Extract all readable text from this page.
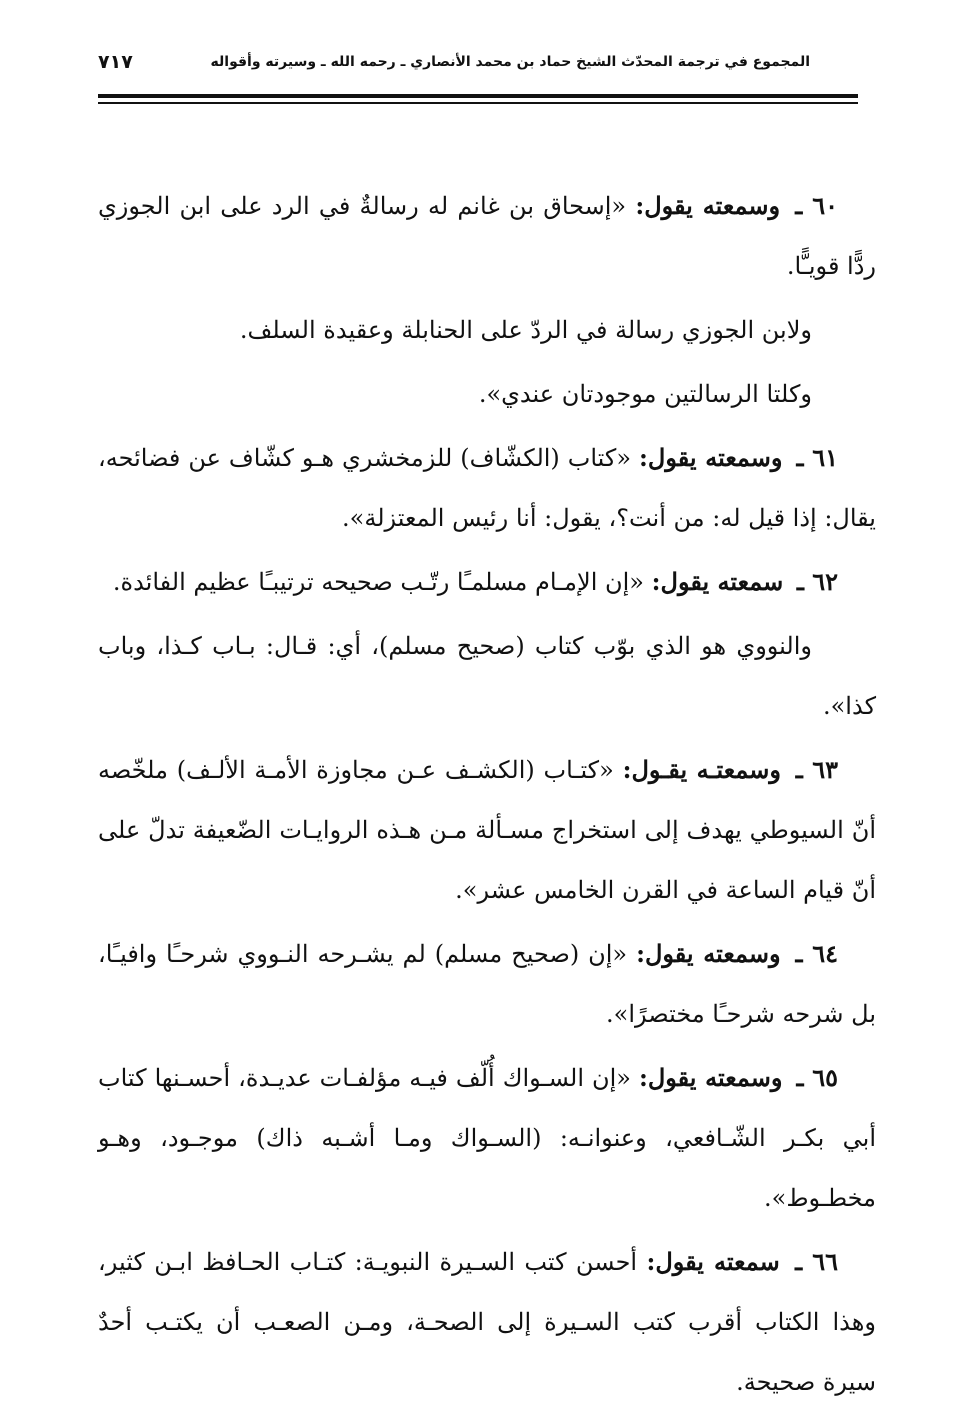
المجموع في ترجمة المحدّث الشيخ حماد بن محمد الأنصاري ـ رحمه الله ـ وسيرته وأقواله
٧١٧

٦٠ ـ وسمعته يقول: «إسحاق بن غانم له رسالةٌ في الرد على ابن الجوزي ردًّا قويـًّا.

ولابن الجوزي رسالة في الردّ على الحنابلة وعقيدة السلف.

وكلتا الرسالتين موجودتان عندي».

٦١ ـ وسمعته يقول: «كتاب (الكشّاف) للزمخشري هـو كشّاف عن فضائحه، يقال: إذا قيل له: من أنت؟، يقول: أنا رئيس المعتزلة».

٦٢ ـ سمعته يقول: «إن الإمـام مسلمـًا رتّـب صحيحه ترتيبـًا عظيم الفائدة.

والنووي هو الذي بوّب كتاب (صحيح مسلم)، أي: قـال: بـاب كـذا، وباب كذا».

٦٣ ـ وسمعتـه يقـول: «كتـاب (الكشـف عـن مجاوزة الأمـة الألـف) ملخّصه أنّ السيوطي يهدف إلى استخراج مسـألة مـن هـذه الروايـات الضّعيفة تدلّ على أنّ قيام الساعة في القرن الخامس عشر».

٦٤ ـ وسمعته يقول: «إن (صحيح مسلم) لم يشـرحه النـووي شرحـًا وافيـًا، بل شرحه شرحـًا مختصرًا».

٦٥ ـ وسمعته يقول: «إن السـواك أُلّف فيـه مؤلفـات عديـدة، أحسـنها كتاب أبي بكـر الشّـافعي، وعنوانـه: (السـواك ومـا أشـبه ذاك) موجـود، وهـو مخطـوط».

٦٦ ـ سمعته يقول: أحسن كتب السـيرة النبويـة: كتـاب الحـافظ ابـن كثير، وهذا الكتاب أقرب كتب السـيرة إلى الصحـة، ومـن الصعـب أن يكتـب أحدٌ سيرة صحيحة.
